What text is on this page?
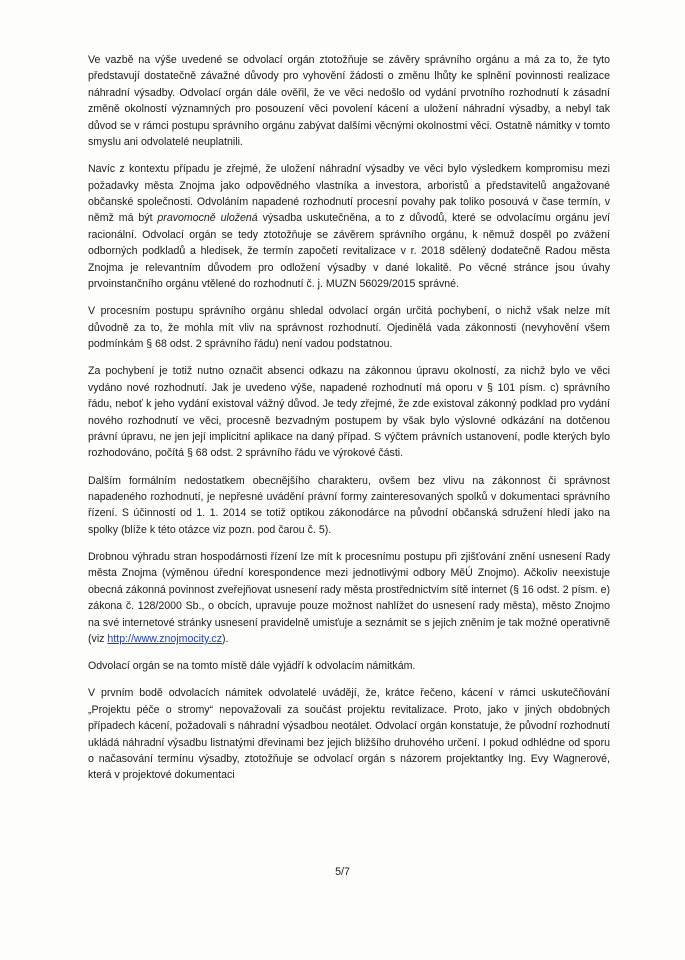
Ve vazbě na výše uvedené se odvolací orgán ztotožňuje se závěry správního orgánu a má za to, že tyto představují dostatečně závažné důvody pro vyhovění žádosti o změnu lhůty ke splnění povinnosti realizace náhradní výsadby. Odvolací orgán dále ověřil, že ve věci nedošlo od vydání prvotního rozhodnutí k zásadní změně okolností významných pro posouzení věci povolení kácení a uložení náhradní výsadby, a nebyl tak důvod se v rámci postupu správního orgánu zabývat dalšími věcnými okolnostmi věci. Ostatně námitky v tomto smyslu ani odvolatelé neuplatnili.

Navíc z kontextu případu je zřejmé, že uložení náhradní výsadby ve věci bylo výsledkem kompromisu mezi požadavky města Znojma jako odpovědného vlastníka a investora, arboristů a představitelů angažované občanské společnosti. Odvoláním napadené rozhodnutí procesní povahy pak toliko posouvá v čase termín, v němž má být pravomocně uložená výsadba uskutečněna, a to z důvodů, které se odvolacímu orgánu jeví racionální. Odvolací orgán se tedy ztotožňuje se závěrem správního orgánu, k němuž dospěl po zvážení odborných podkladů a hledisek, že termín započetí revitalizace v r. 2018 sdělený dodatečně Radou města Znojma je relevantním důvodem pro odložení výsadby v dané lokalitě. Po věcné stránce jsou úvahy prvoinstančního orgánu vtělené do rozhodnutí č. j. MUZN 56029/2015 správné.

V procesním postupu správního orgánu shledal odvolací orgán určitá pochybení, o nichž však nelze mít důvodně za to, že mohla mít vliv na správnost rozhodnutí. Ojedinělá vada zákonnosti (nevyhovění všem podmínkám § 68 odst. 2 správního řádu) není vadou podstatnou.

Za pochybení je totiž nutno označit absenci odkazu na zákonnou úpravu okolností, za nichž bylo ve věci vydáno nové rozhodnutí. Jak je uvedeno výše, napadené rozhodnutí má oporu v § 101 písm. c) správního řádu, neboť k jeho vydání existoval vážný důvod. Je tedy zřejmé, že zde existoval zákonný podklad pro vydání nového rozhodnutí ve věci, procesně bezvadným postupem by však bylo výslovné odkázání na dotčenou právní úpravu, ne jen její implicitní aplikace na daný případ. S výčtem právních ustanovení, podle kterých bylo rozhodováno, počítá § 68 odst. 2 správního řádu ve výrokové části.

Dalším formálním nedostatkem obecnějšího charakteru, ovšem bez vlivu na zákonnost či správnost napadeného rozhodnutí, je nepřesné uvádění právní formy zainteresovaných spolků v dokumentaci správního řízení. S účinností od 1. 1. 2014 se totiž optikou zákonodárce na původní občanská sdružení hledí jako na spolky (blíže k této otázce viz pozn. pod čarou č. 5).

Drobnou výhradu stran hospodárnosti řízení lze mít k procesnímu postupu při zjišťování znění usnesení Rady města Znojma (výměnou úřední korespondence mezi jednotlivými odbory MěÚ Znojmo). Ačkoliv neexistuje obecná zákonná povinnost zveřejňovat usnesení rady města prostřednictvím sítě internet (§ 16 odst. 2 písm. e) zákona č. 128/2000 Sb., o obcích, upravuje pouze možnost nahlížet do usnesení rady města), město Znojmo na své internetové stránky usnesení pravidelně umisťuje a seznámit se s jejich zněním je tak možné operativně (viz http://www.znojmocity.cz).

Odvolací orgán se na tomto místě dále vyjádří k odvolacím námitkám.

V prvním bodě odvolacích námitek odvolatelé uvádějí, že, krátce řečeno, kácení v rámci uskutečňování „Projektu péče o stromy“ nepovažovali za součást projektu revitalizace. Proto, jako v jiných obdobných případech kácení, požadovali s náhradní výsadbou neotálet. Odvolací orgán konstatuje, že původní rozhodnutí ukládá náhradní výsadbu listnatými dřevinami bez jejich bližšího druhového určení. I pokud odhlédne od sporu o načasování termínu výsadby, ztotožňuje se odvolací orgán s názorem projektantky Ing. Evy Wagnerové, která v projektové dokumentaci

5/7
